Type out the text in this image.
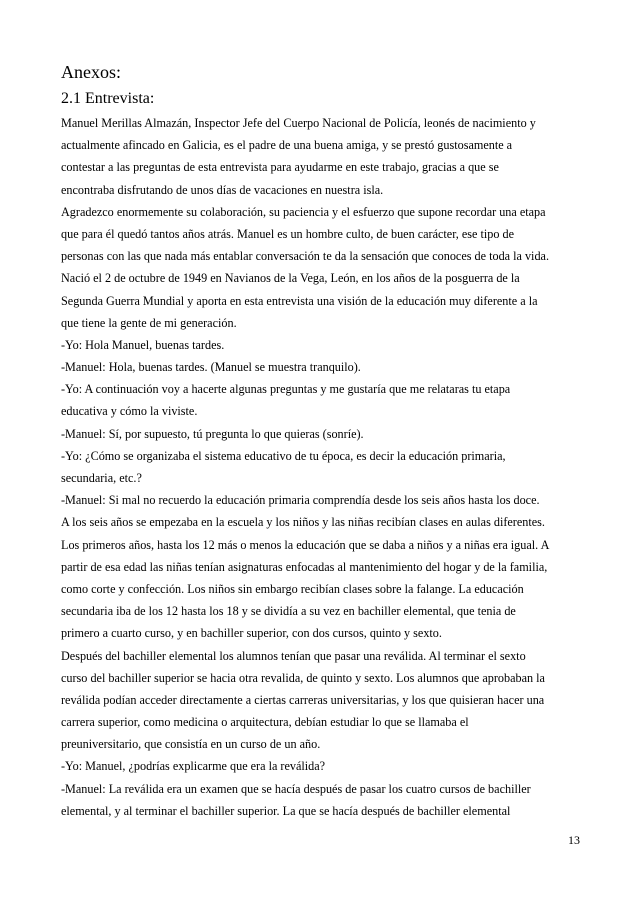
Anexos:
2.1 Entrevista:
Manuel Merillas Almazán, Inspector Jefe del Cuerpo Nacional de Policía, leonés de nacimiento y
actualmente afincado en Galicia, es el padre de una buena amiga, y se prestó gustosamente a
contestar a las preguntas de esta entrevista para ayudarme en este trabajo, gracias a que se
encontraba disfrutando de unos días de vacaciones en nuestra isla.
Agradezco enormemente su colaboración, su paciencia y el esfuerzo que supone recordar una etapa
que para él quedó tantos años atrás. Manuel es un hombre culto, de buen carácter, ese tipo de
personas con las que nada más entablar conversación te da la sensación que conoces de toda la vida.
Nació el 2 de octubre de 1949 en Navianos de la Vega, León, en los años de la posguerra de la
Segunda Guerra Mundial y aporta en esta entrevista una visión de la educación muy diferente a la
que tiene la gente de mi generación.
-Yo: Hola Manuel, buenas tardes.
-Manuel: Hola, buenas tardes. (Manuel se muestra tranquilo).
-Yo: A continuación voy a hacerte algunas preguntas y me gustaría que me relataras tu etapa
educativa y cómo la viviste.
-Manuel: Sí, por supuesto, tú pregunta lo que quieras (sonríe).
-Yo: ¿Cómo se organizaba el sistema educativo de tu época, es decir la educación primaria,
secundaria, etc.?
-Manuel: Si mal no recuerdo la educación primaria comprendía desde los seis años hasta los doce.
A los seis años se empezaba en la escuela y los niños y las niñas recibían clases en aulas diferentes.
Los primeros años, hasta los 12 más o menos la educación que se daba a niños y a niñas era igual. A
partir de esa edad las niñas tenían asignaturas enfocadas al mantenimiento del hogar y de la familia,
como corte y confección. Los niños sin embargo recibían clases sobre la falange. La educación
secundaria iba de los 12 hasta los 18 y se dividía a su vez en bachiller elemental, que tenia de
primero a cuarto curso, y en bachiller superior, con dos cursos, quinto y sexto.
Después del bachiller elemental los alumnos tenían que pasar una reválida. Al terminar el sexto
curso del bachiller superior se hacia otra revalida, de quinto y sexto. Los alumnos que aprobaban la
reválida podían acceder directamente a ciertas carreras universitarias, y los que quisieran hacer una
carrera superior, como medicina o arquitectura, debían estudiar lo que se llamaba el
preuniversitario, que consistía en un curso de un año.
-Yo: Manuel, ¿podrías explicarme que era la reválida?
-Manuel: La reválida era un examen que se hacía después de pasar los cuatro cursos de bachiller
elemental, y al terminar el bachiller superior. La que se hacía después de bachiller elemental
13
